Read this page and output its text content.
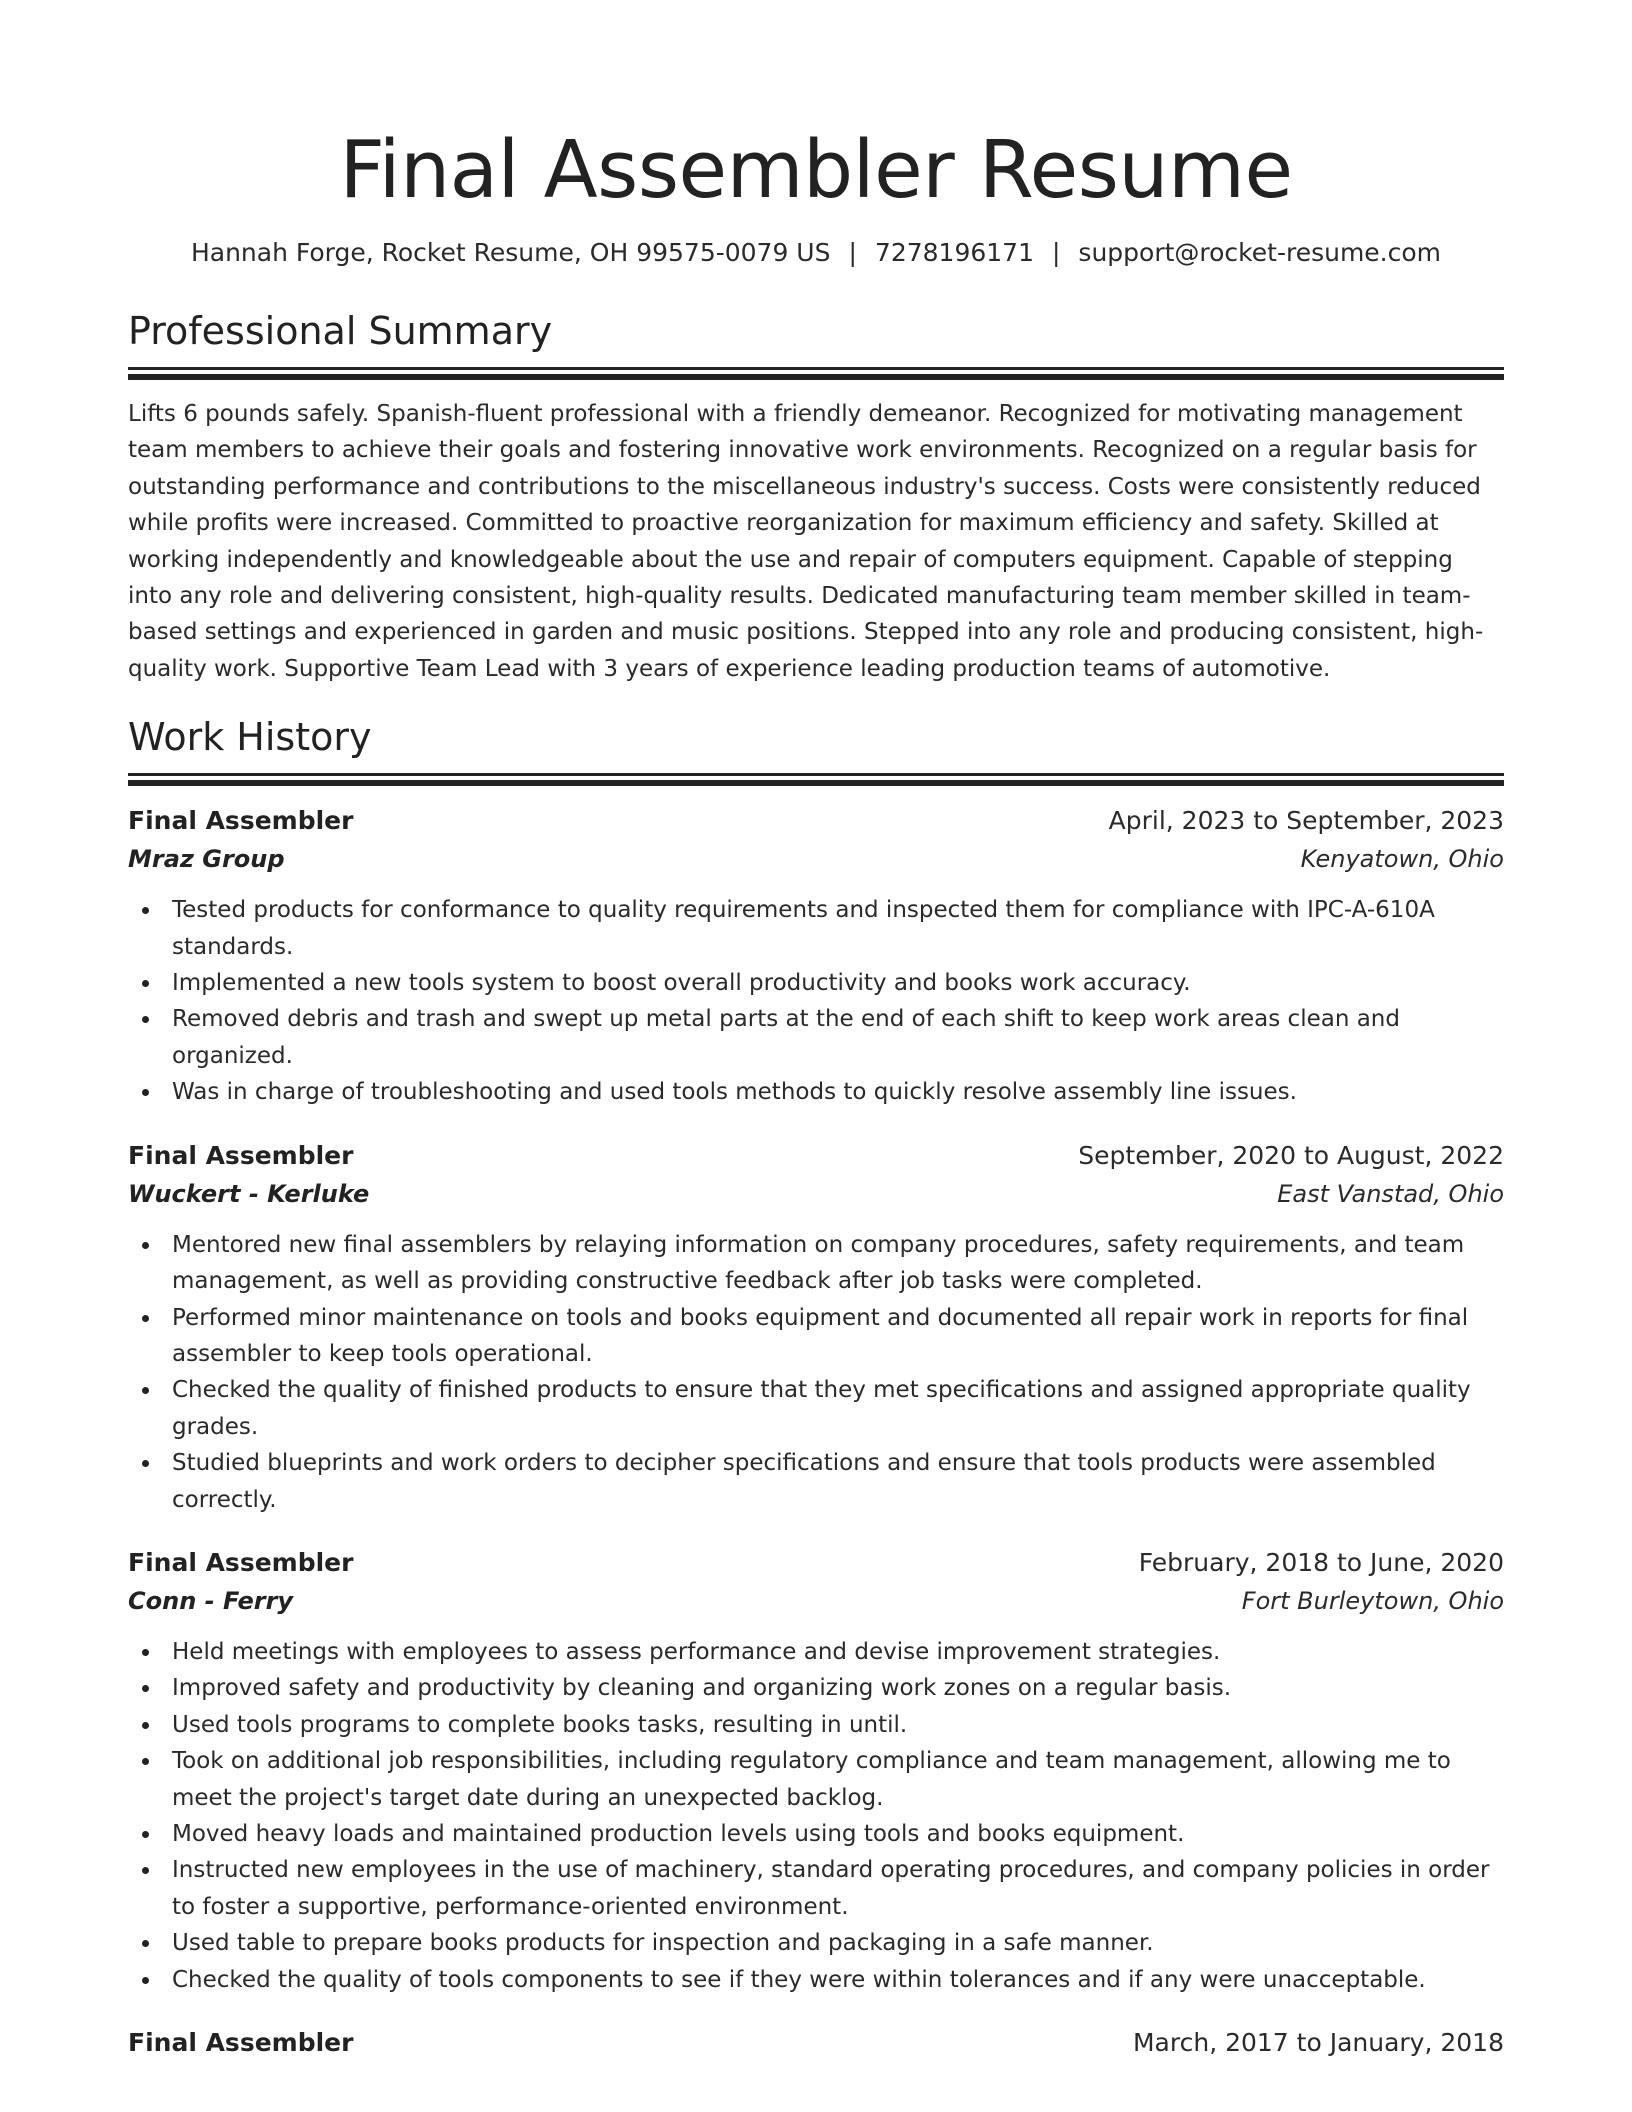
Final Assembler Resume
Hannah Forge, Rocket Resume, OH 99575-0079 US | 7278196171 | support@rocket-resume.com
Professional Summary

Lifts 6 pounds safely. Spanish-fluent professional with a friendly demeanor. Recognized for motivating management team members to achieve their goals and fostering innovative work environments. Recognized on a regular basis for outstanding performance and contributions to the miscellaneous industry's success. Costs were consistently reduced while profits were increased. Committed to proactive reorganization for maximum efficiency and safety. Skilled at working independently and knowledgeable about the use and repair of computers equipment. Capable of stepping into any role and delivering consistent, high-quality results. Dedicated manufacturing team member skilled in team-based settings and experienced in garden and music positions. Stepped into any role and producing consistent, high-quality work. Supportive Team Lead with 3 years of experience leading production teams of automotive.

Work History
Final Assembler	April, 2023 to September, 2023
Mraz Group	Kenyatown, Ohio
Tested products for conformance to quality requirements and inspected them for compliance with IPC-A-610A standards.
Implemented a new tools system to boost overall productivity and books work accuracy.
Removed debris and trash and swept up metal parts at the end of each shift to keep work areas clean and organized.
Was in charge of troubleshooting and used tools methods to quickly resolve assembly line issues.
Final Assembler	September, 2020 to August, 2022
Wuckert - Kerluke	East Vanstad, Ohio
Mentored new final assemblers by relaying information on company procedures, safety requirements, and team management, as well as providing constructive feedback after job tasks were completed.
Performed minor maintenance on tools and books equipment and documented all repair work in reports for final assembler to keep tools operational.
Checked the quality of finished products to ensure that they met specifications and assigned appropriate quality grades.
Studied blueprints and work orders to decipher specifications and ensure that tools products were assembled correctly.
Final Assembler	February, 2018 to June, 2020
Conn - Ferry	Fort Burleytown, Ohio
Held meetings with employees to assess performance and devise improvement strategies.
Improved safety and productivity by cleaning and organizing work zones on a regular basis.
Used tools programs to complete books tasks, resulting in until.
Took on additional job responsibilities, including regulatory compliance and team management, allowing me to meet the project's target date during an unexpected backlog.
Moved heavy loads and maintained production levels using tools and books equipment.
Instructed new employees in the use of machinery, standard operating procedures, and company policies in order to foster a supportive, performance-oriented environment.
Used table to prepare books products for inspection and packaging in a safe manner.
Checked the quality of tools components to see if they were within tolerances and if any were unacceptable.
Final Assembler	March, 2017 to January, 2018
